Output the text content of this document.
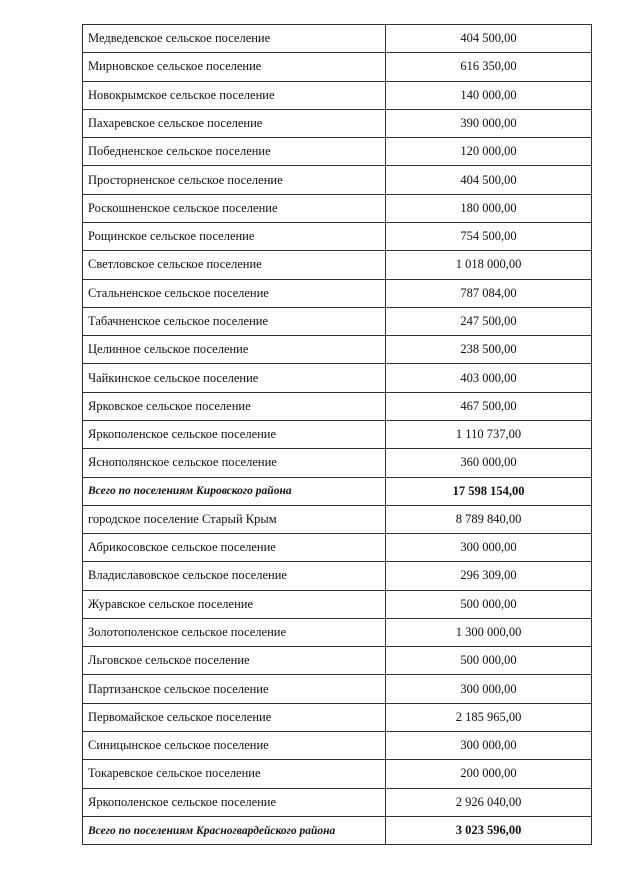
Медведевское сельское поселение	404 500,00
Мирновское сельское поселение	616 350,00
Новокрымское сельское поселение	140 000,00
Пахаревское сельское поселение	390 000,00
Победненское сельское поселение	120 000,00
Просторненское сельское поселение	404 500,00
Роскошненское сельское поселение	180 000,00
Рощинское сельское поселение	754 500,00
Светловское сельское поселение	1 018 000,00
Стальненское сельское поселение	787 084,00
Табачненское сельское поселение	247 500,00
Целинное сельское поселение	238 500,00
Чайкинское сельское поселение	403 000,00
Ярковское сельское поселение	467 500,00
Яркополенское сельское поселение	1 110 737,00
Яснополянское сельское поселение	360 000,00
Всего по поселениям Кировского района	17 598 154,00
городское поселение Старый Крым	8 789 840,00
Абрикосовское сельское поселение	300 000,00
Владиславовское сельское поселение	296 309,00
Журавское сельское поселение	500 000,00
Золотополенское сельское поселение	1 300 000,00
Льговское сельское поселение	500 000,00
Партизанское сельское поселение	300 000,00
Первомайское сельское поселение	2 185 965,00
Синицынское сельское поселение	300 000,00
Токаревское сельское поселение	200 000,00
Яркополенское сельское поселение	2 926 040,00
Всего по поселениям Красногвардейского района	3 023 596,00
